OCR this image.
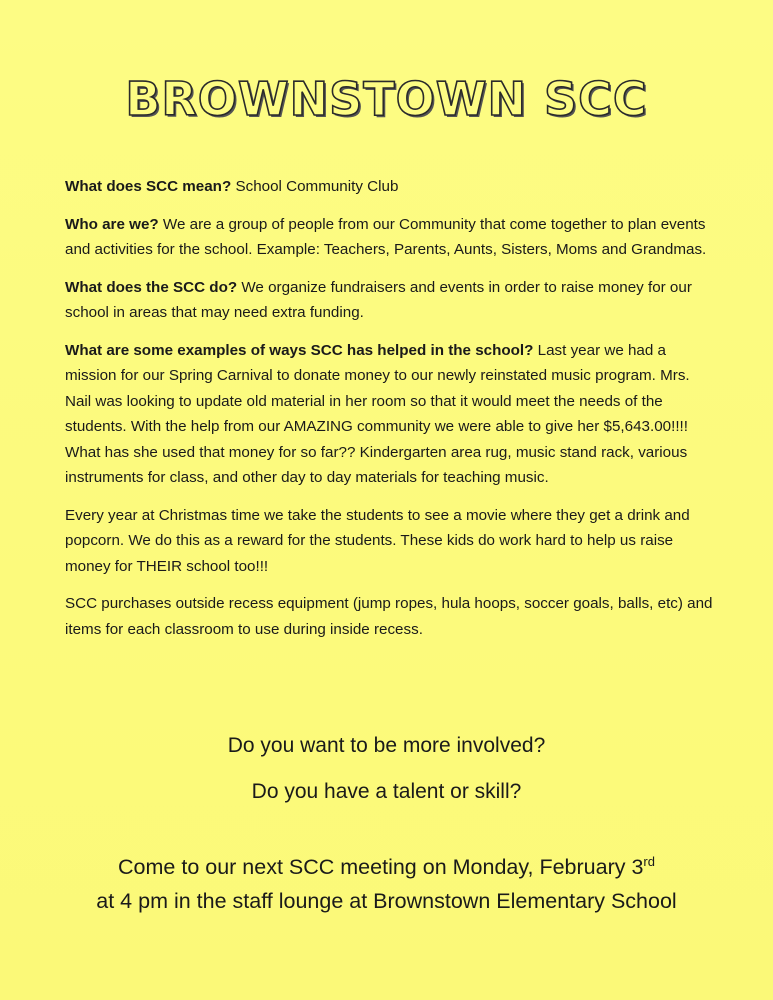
BROWNSTOWN SCC

What does SCC mean? School Community Club

Who are we? We are a group of people from our Community that come together to plan events and activities for the school. Example: Teachers, Parents, Aunts, Sisters, Moms and Grandmas.

What does the SCC do? We organize fundraisers and events in order to raise money for our school in areas that may need extra funding.

What are some examples of ways SCC has helped in the school? Last year we had a mission for our Spring Carnival to donate money to our newly reinstated music program. Mrs. Nail was looking to update old material in her room so that it would meet the needs of the students. With the help from our AMAZING community we were able to give her $5,643.00!!!! What has she used that money for so far?? Kindergarten area rug, music stand rack, various instruments for class, and other day to day materials for teaching music.

Every year at Christmas time we take the students to see a movie where they get a drink and popcorn. We do this as a reward for the students. These kids do work hard to help us raise money for THEIR school too!!!

SCC purchases outside recess equipment (jump ropes, hula hoops, soccer goals, balls, etc) and items for each classroom to use during inside recess.

Do you want to be more involved?

Do you have a talent or skill?

Come to our next SCC meeting on Monday, February 3rd
at 4 pm in the staff lounge at Brownstown Elementary School
